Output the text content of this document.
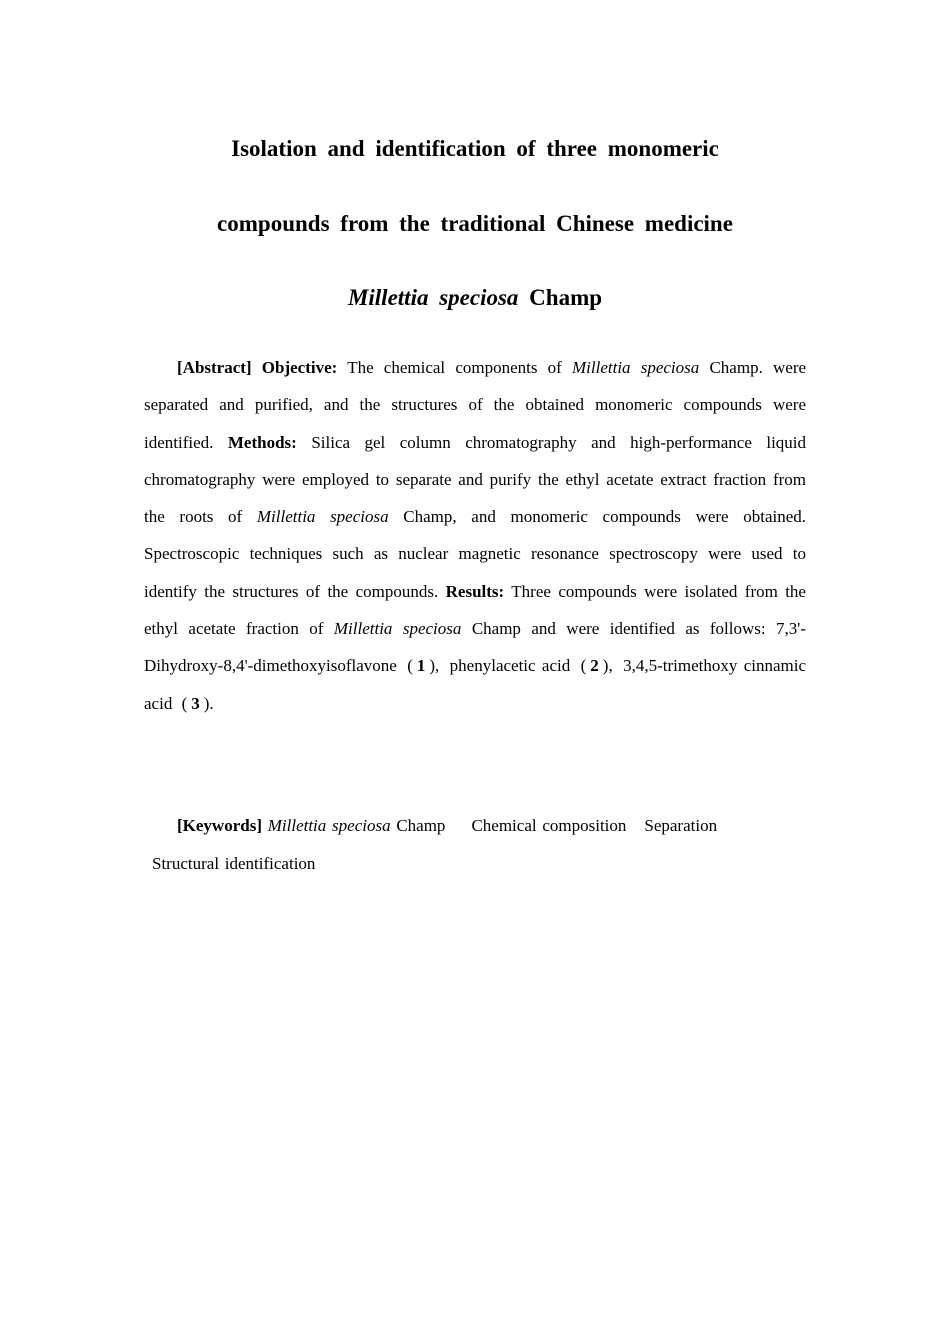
Isolation and identification of three monomeric
compounds from the traditional Chinese medicine
Millettia speciosa Champ

[Abstract] Objective: The chemical components of Millettia speciosa Champ. were separated and purified, and the structures of the obtained monomeric compounds were identified. Methods: Silica gel column chromatography and high-performance liquid chromatography were employed to separate and purify the ethyl acetate extract fraction from the roots of Millettia speciosa Champ, and monomeric compounds were obtained. Spectroscopic techniques such as nuclear magnetic resonance spectroscopy were used to identify the structures of the compounds. Results: Three compounds were isolated from the ethyl acetate fraction of Millettia speciosa Champ and were identified as follows: 7,3'-Dihydroxy-8,4'-dimethoxyisoflavone ( 1 ), phenylacetic acid ( 2 ), 3,4,5-trimethoxy cinnamic acid ( 3 ).

[Keywords] Millettia speciosa Champ Chemical composition Separation
Structural identification
